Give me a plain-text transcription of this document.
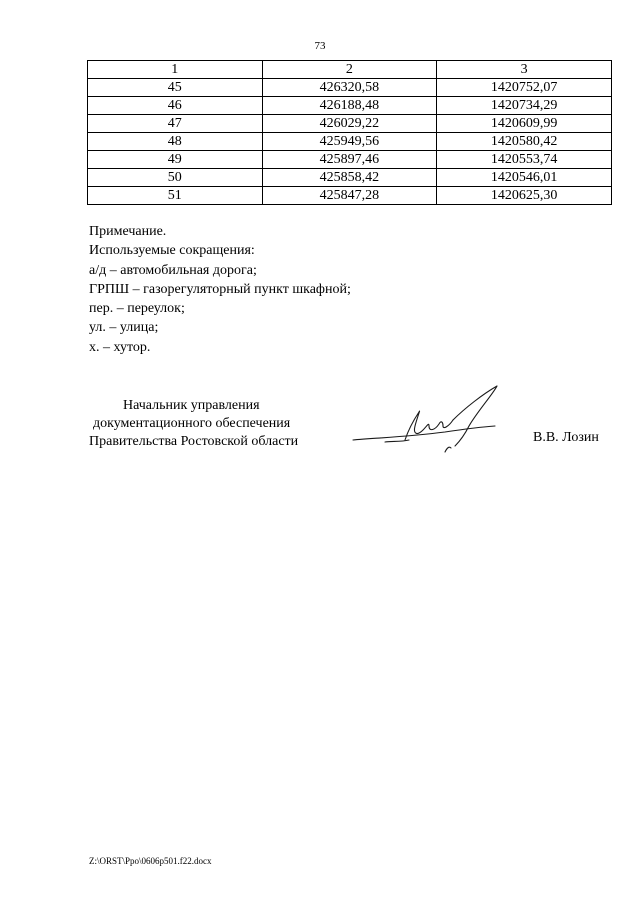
73
1	2	3
45	426320,58	1420752,07
46	426188,48	1420734,29
47	426029,22	1420609,99
48	425949,56	1420580,42
49	425897,46	1420553,74
50	425858,42	1420546,01
51	425847,28	1420625,30
Примечание.
Используемые сокращения:
а/д – автомобильная дорога;
ГРПШ – газорегуляторный пункт шкафной;
пер. – переулок;
ул. – улица;
х. – хутор.
Начальник управления
документационного обеспечения
Правительства Ростовской области	В.В. Лозин
Z:\ORST\Ppo\0606p501.f22.docx
